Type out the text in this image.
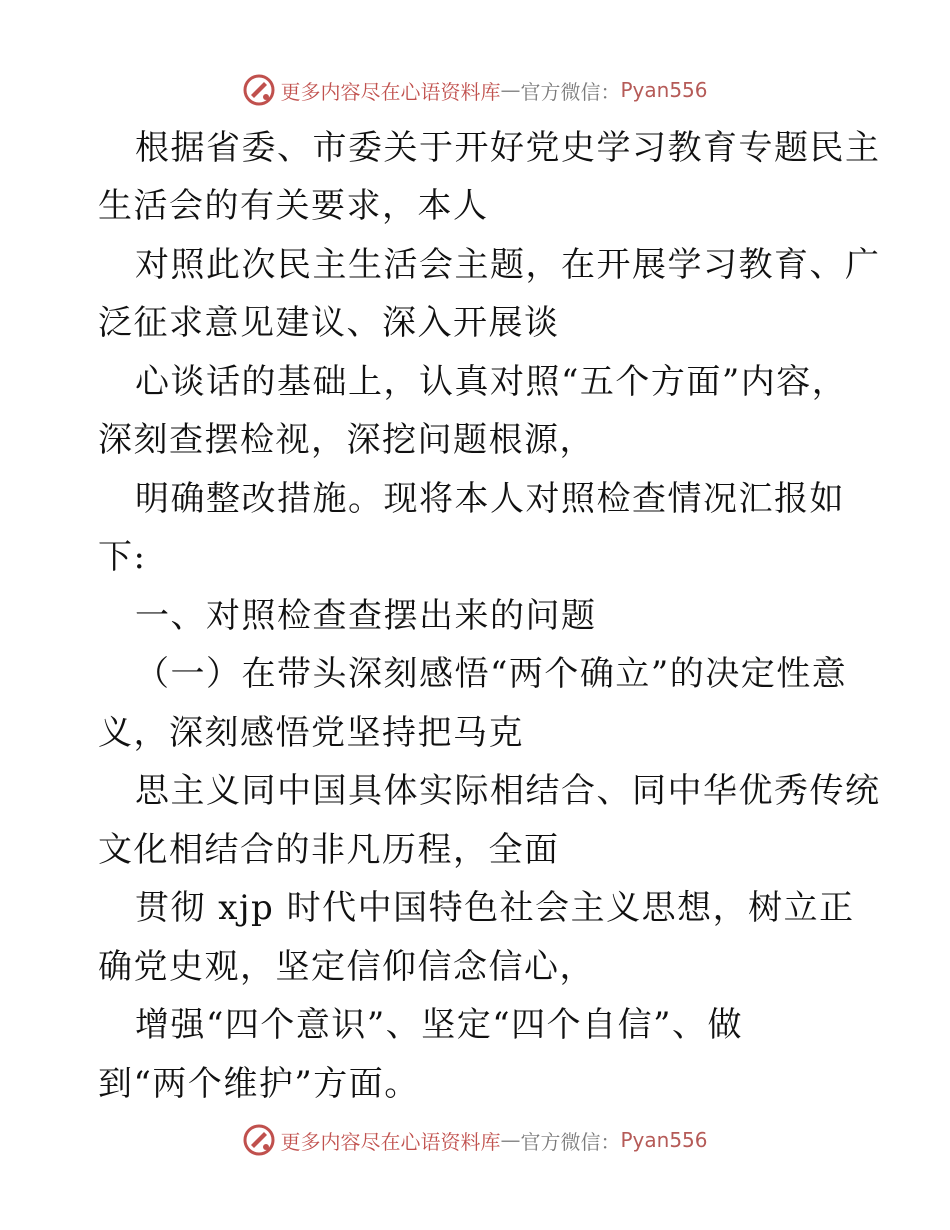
更多内容尽在心语资料库 — 官方微信： Pyan556
根据省委、市委关于开好党史学习教育专题民主
生活会的有关要求，本人
对照此次民主生活会主题，在开展学习教育、广
泛征求意见建议、深入开展谈
心谈话的基础上，认真对照“五个方面”内容，
深刻查摆检视，深挖问题根源，
明确整改措施。现将本人对照检查情况汇报如
下:
一、对照检查查摆出来的问题
（一）在带头深刻感悟“两个确立”的决定性意
义，深刻感悟党坚持把马克
思主义同中国具体实际相结合、同中华优秀传统
文化相结合的非凡历程，全面
贯彻 xjp 时代中国特色社会主义思想，树立正
确党史观，坚定信仰信念信心，
增强“四个意识”、坚定“四个自信”、做
到“两个维护”方面。
更多内容尽在心语资料库 — 官方微信： Pyan556
